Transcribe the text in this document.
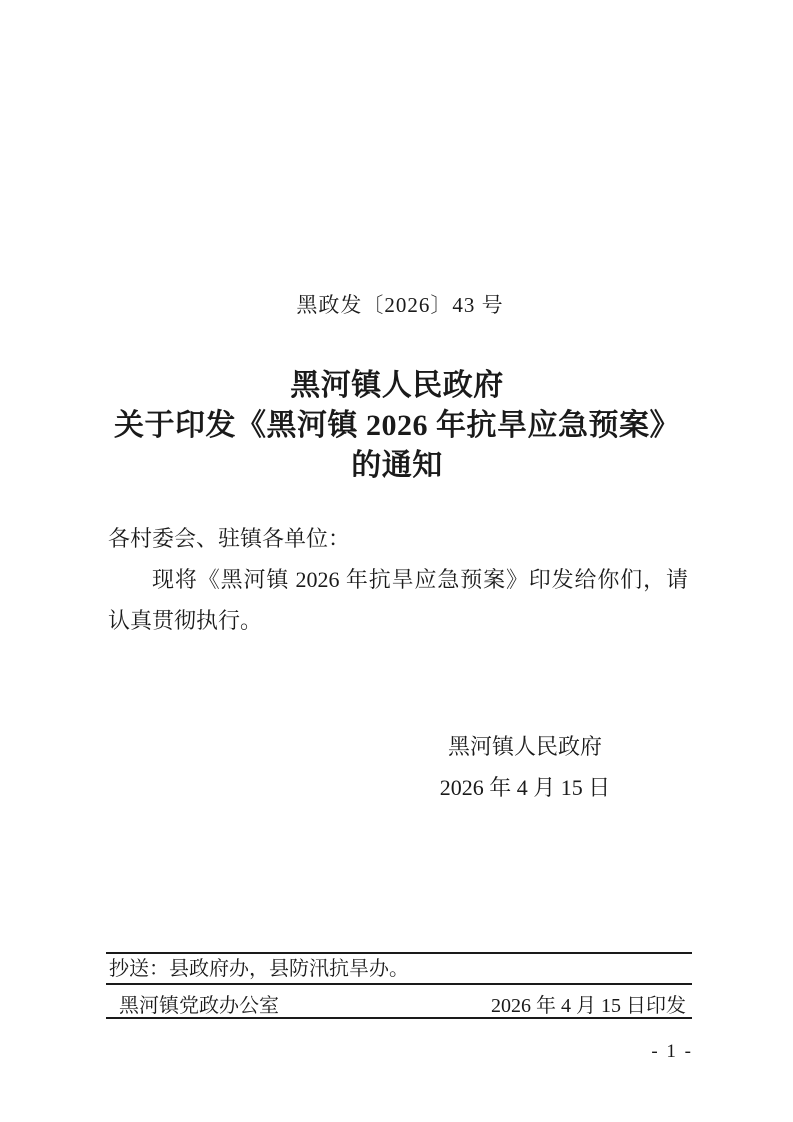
黑政发〔2026〕43 号
黑河镇人民政府
关于印发《黑河镇 2026 年抗旱应急预案》
的通知
各村委会、驻镇各单位：

现将《黑河镇 2026 年抗旱应急预案》印发给你们，请认真贯彻执行。

黑河镇人民政府
2026 年 4 月 15 日
抄送：县政府办，县防汛抗旱办。
黑河镇党政办公室	2026 年 4 月 15 日印发
- 1 -
